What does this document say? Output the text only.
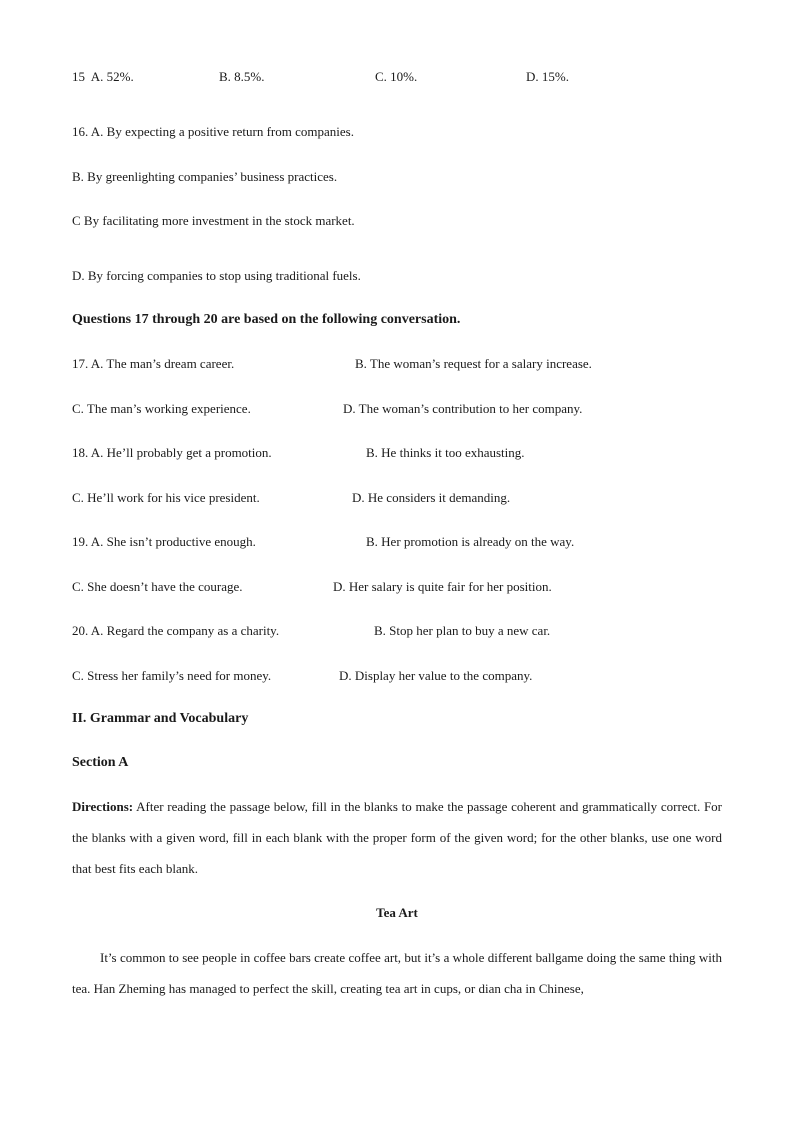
15 A. 52%.	B. 8.5%.	C. 10%.	D. 15%.
16. A. By expecting a positive return from companies.
B. By greenlighting companies’ business practices.
C By facilitating more investment in the stock market.
D. By forcing companies to stop using traditional fuels.
Questions 17 through 20 are based on the following conversation.
17. A. The man’s dream career.	B. The woman’s request for a salary increase.
C. The man’s working experience.	D. The woman’s contribution to her company.
18. A. He’ll probably get a promotion.	B. He thinks it too exhausting.
C. He’ll work for his vice president.	D. He considers it demanding.
19. A. She isn’t productive enough.	B. Her promotion is already on the way.
C. She doesn’t have the courage.	D. Her salary is quite fair for her position.
20. A. Regard the company as a charity.	B. Stop her plan to buy a new car.
C. Stress her family’s need for money.	D. Display her value to the company.
II. Grammar and Vocabulary
Section A
Directions: After reading the passage below, fill in the blanks to make the passage coherent and grammatically correct. For the blanks with a given word, fill in each blank with the proper form of the given word; for the other blanks, use one word that best fits each blank.
Tea Art
It’s common to see people in coffee bars create coffee art, but it’s a whole different ballgame doing the same thing with tea. Han Zheming has managed to perfect the skill, creating tea art in cups, or dian cha in Chinese,
